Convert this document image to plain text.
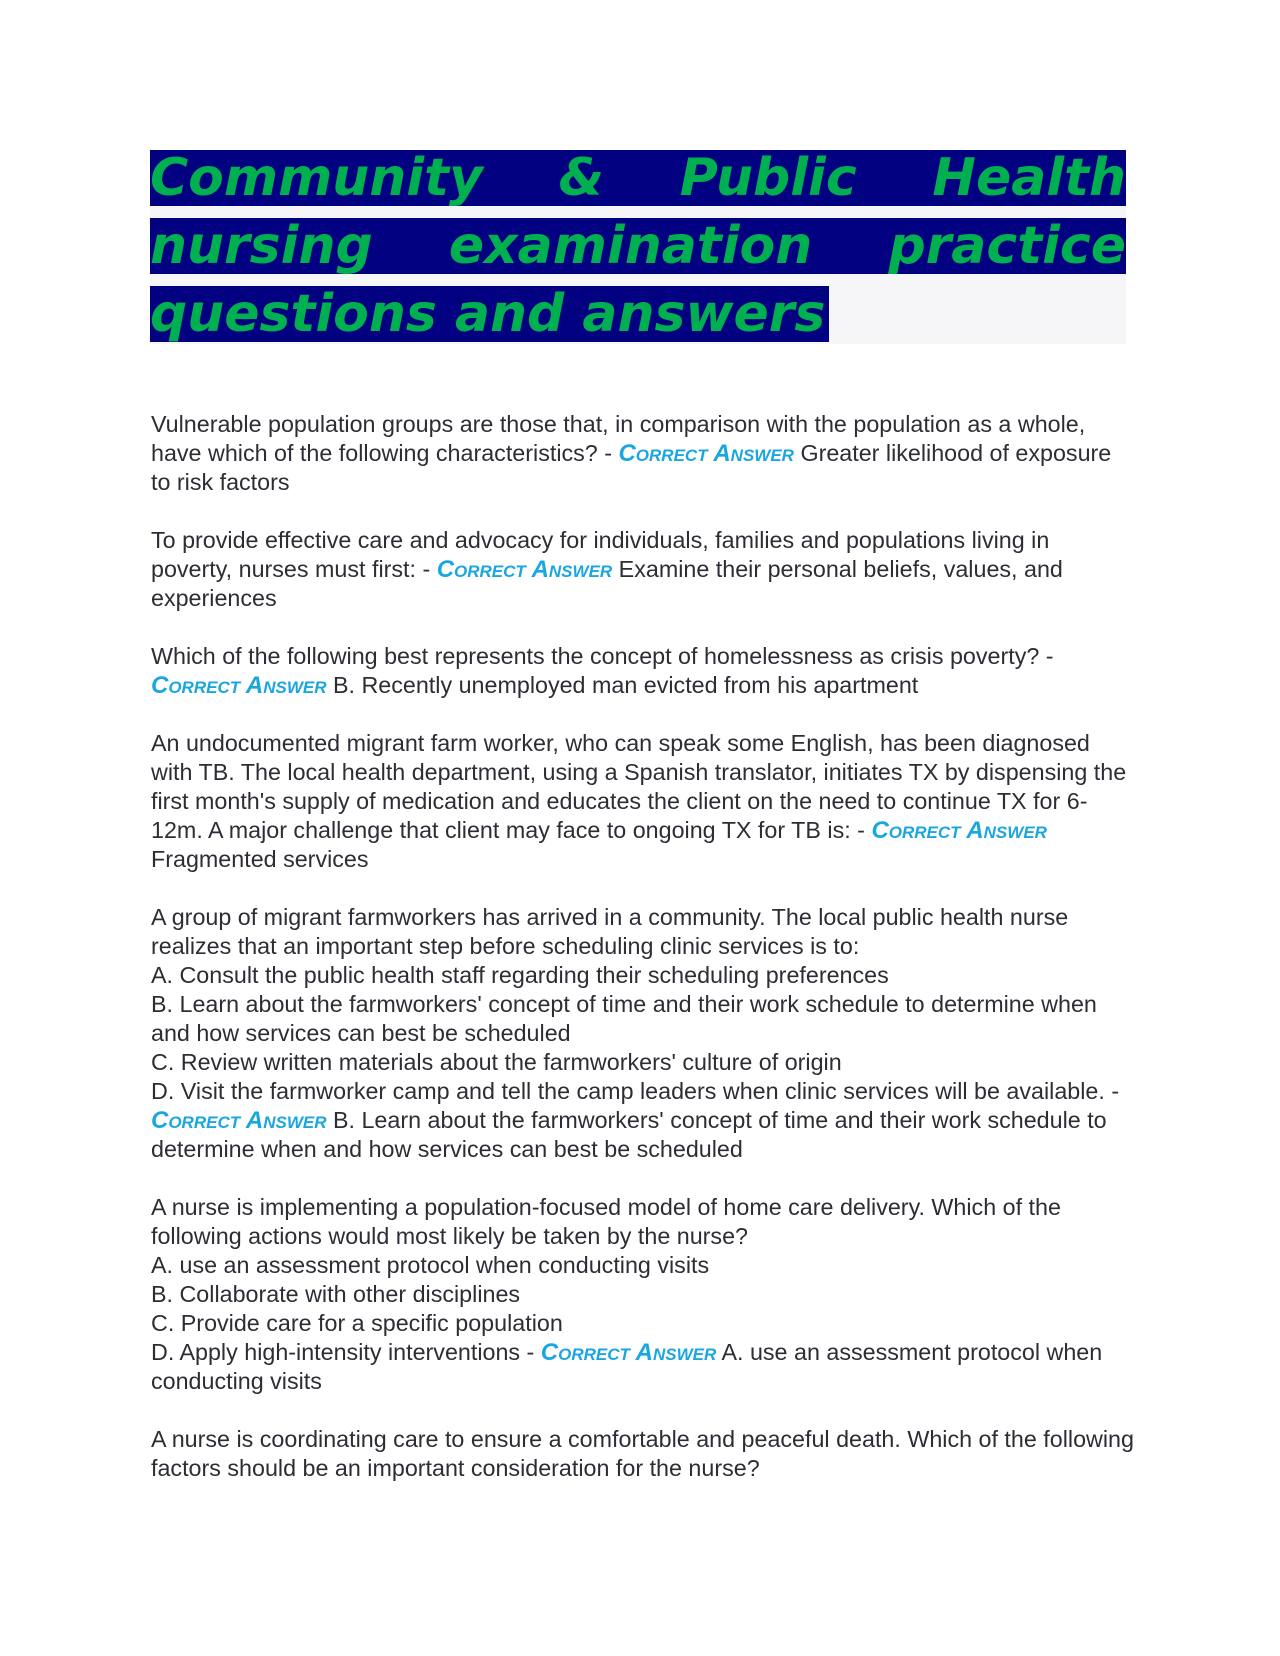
Community & Public Health
nursing examination practice
questions and answers

Vulnerable population groups are those that, in comparison with the population as a whole, have which of the following characteristics? - Correct Answer Greater likelihood of exposure to risk factors

To provide effective care and advocacy for individuals, families and populations living in poverty, nurses must first: - Correct Answer Examine their personal beliefs, values, and experiences

Which of the following best represents the concept of homelessness as crisis poverty? - Correct Answer B. Recently unemployed man evicted from his apartment

An undocumented migrant farm worker, who can speak some English, has been diagnosed with TB. The local health department, using a Spanish translator, initiates TX by dispensing the first month's supply of medication and educates the client on the need to continue TX for 6-12m. A major challenge that client may face to ongoing TX for TB is: - Correct Answer Fragmented services

A group of migrant farmworkers has arrived in a community. The local public health nurse realizes that an important step before scheduling clinic services is to:

A. Consult the public health staff regarding their scheduling preferences

B. Learn about the farmworkers' concept of time and their work schedule to determine when and how services can best be scheduled

C. Review written materials about the farmworkers' culture of origin

D. Visit the farmworker camp and tell the camp leaders when clinic services will be available. - Correct Answer B. Learn about the farmworkers' concept of time and their work schedule to determine when and how services can best be scheduled

A nurse is implementing a population-focused model of home care delivery. Which of the following actions would most likely be taken by the nurse?

A. use an assessment protocol when conducting visits

B. Collaborate with other disciplines

C. Provide care for a specific population

D. Apply high-intensity interventions - Correct Answer A. use an assessment protocol when conducting visits

A nurse is coordinating care to ensure a comfortable and peaceful death. Which of the following factors should be an important consideration for the nurse?
